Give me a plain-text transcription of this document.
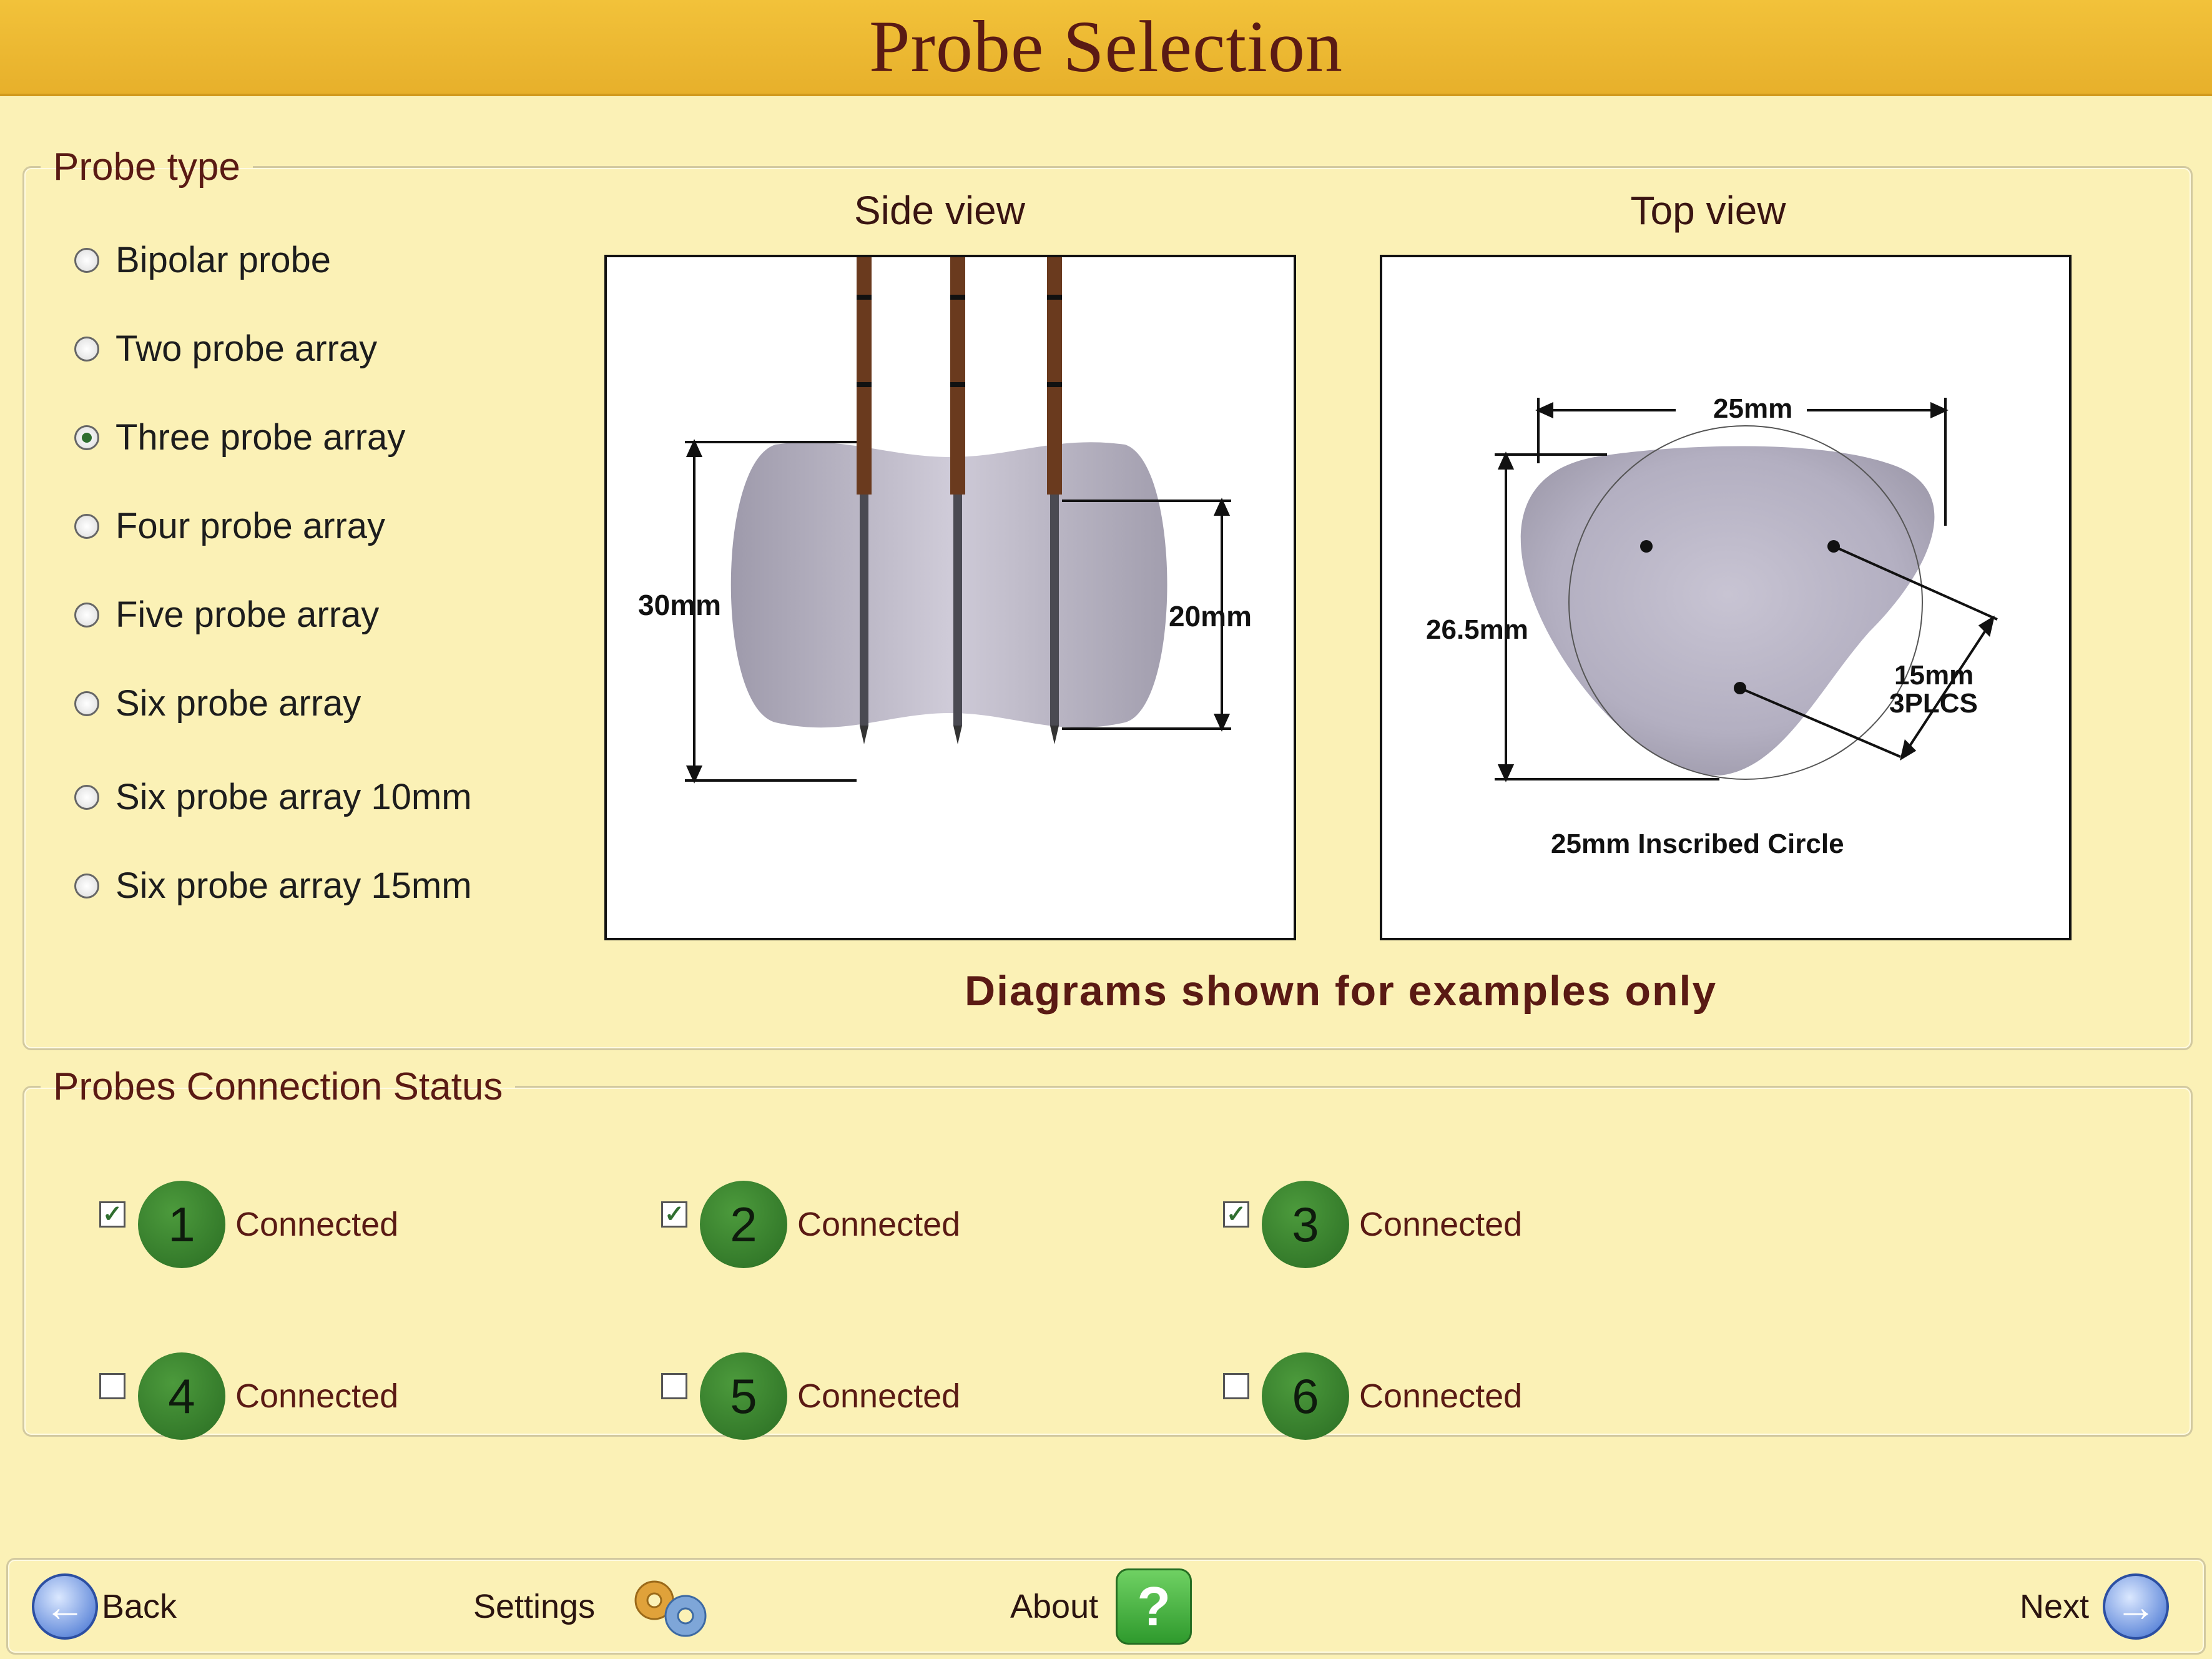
Probe Selection
Probe type
Bipolar probe
Two probe array
Three probe array
Four probe array
Five probe array
Six probe array
Six probe array 10mm
Six probe array 15mm
Side view	Top view
30mm	20mm
25mm
26.5mm
15mm
3PLCS
25mm Inscribed Circle
Diagrams shown for examples only
Probes Connection Status
✓ 1	Connected	✓ 2	Connected	✓ 3	Connected
4	Connected	5	Connected	6	Connected
← Back	Settings	About ?	Next →
